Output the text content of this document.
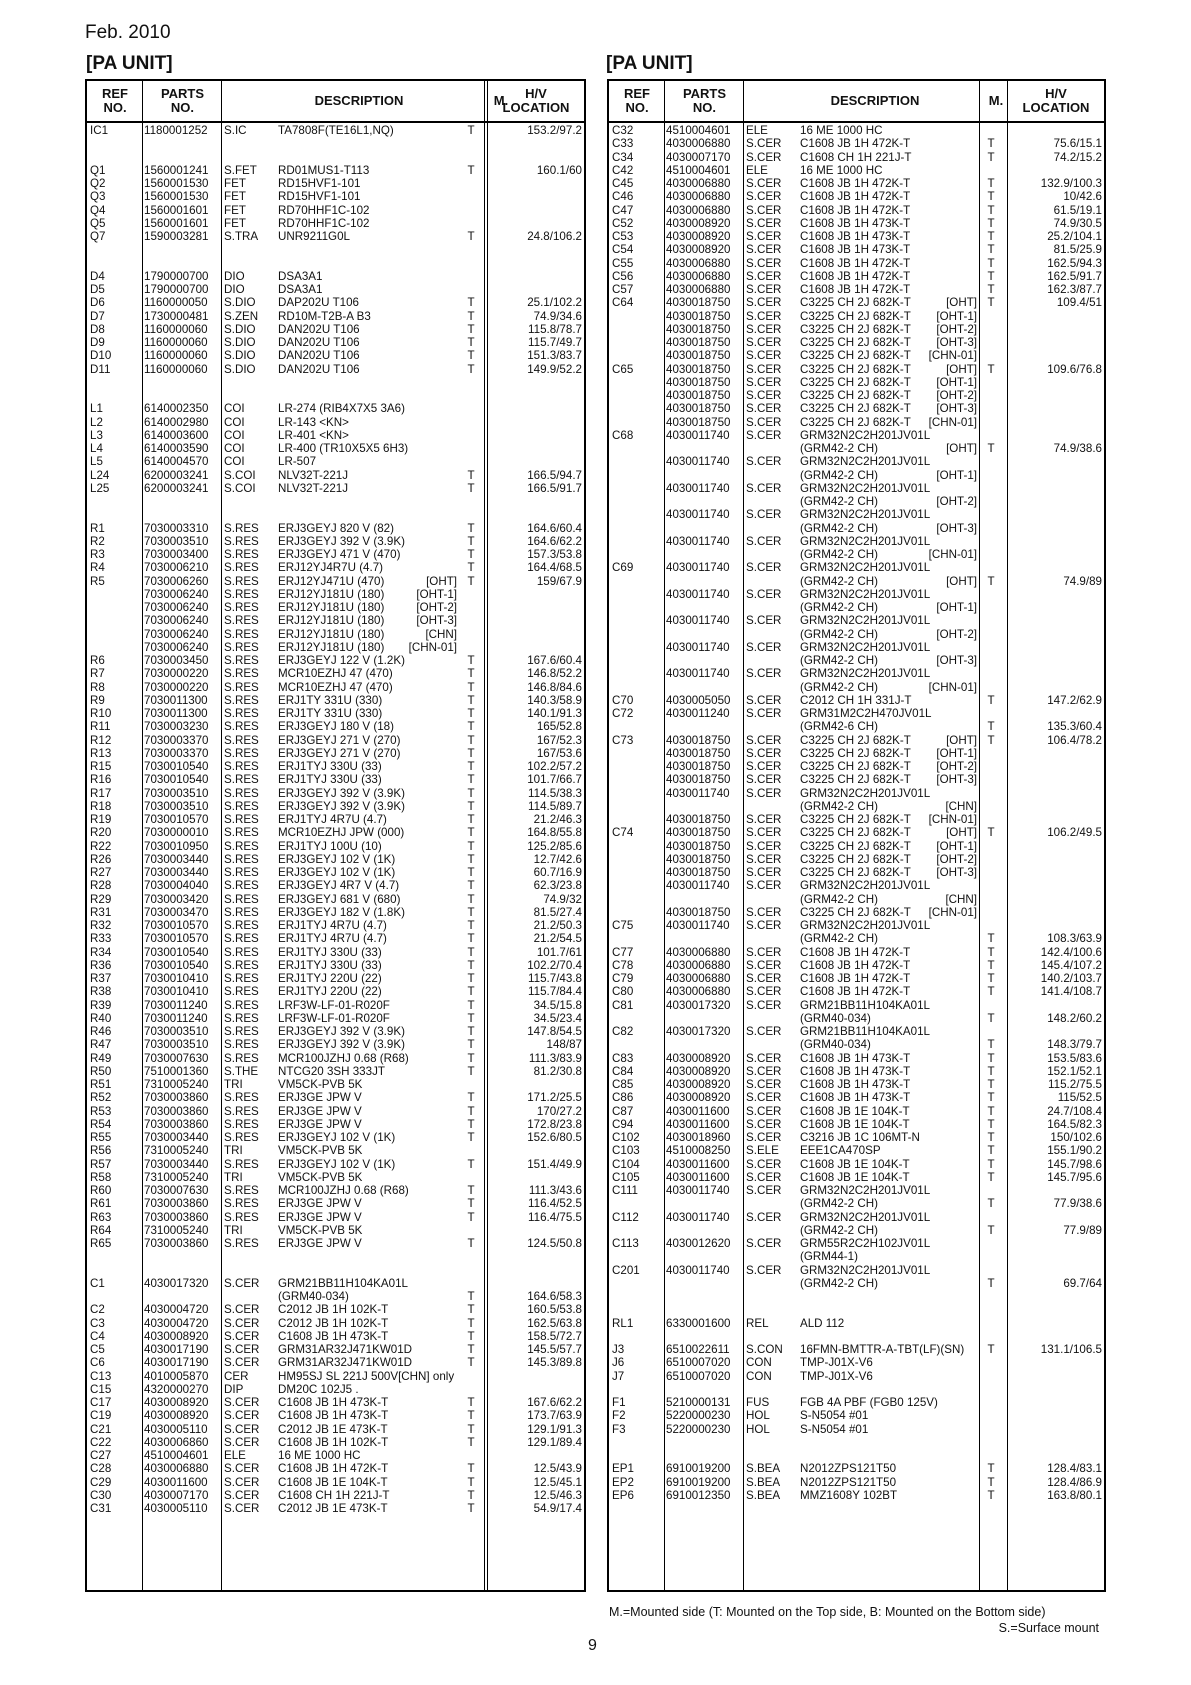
Feb. 2010
[PA UNIT]	[PA UNIT]
REF
NO.
PARTS
NO.	DESCRIPTION	M.	H/V
LOCATION
IC1	1180001252 S.IC	TA7808F(TE16L1,NQ)	T	153.2/97.2
Q1	1560001241 S.FET RD01MUS1-T113	T	160.1/60
Q2	1560001530 FET	RD15HVF1-101
Q3	1560001530 FET	RD15HVF1-101
Q4	1560001601 FET	RD70HHF1C-102
Q5	1560001601 FET	RD70HHF1C-102
Q7	1590003281 S.TRA UNR9211G0L	T	24.8/106.2
D4	1790000700 DIO	DSA3A1
D5	1790000700 DIO	DSA3A1
D6	1160000050 S.DIO DAP202U T106	T	25.1/102.2
D7	1730000481 S.ZEN RD10M-T2B-A B3	T	74.9/34.6
D8	1160000060 S.DIO DAN202U T106	T	115.8/78.7
D9	1160000060 S.DIO DAN202U T106	T	115.7/49.7
D10	1160000060 S.DIO DAN202U T106	T	151.3/83.7
D11	1160000060 S.DIO DAN202U T106	T	149.9/52.2
L1	6140002350 COI	LR-274 (RIB4X7X5 3A6)
L2	6140002980 COI	LR-143 <KN>
L3	6140003600 COI	LR-401 <KN>
L4	6140003590 COI	LR-400 (TR10X5X5 6H3)
L5	6140004570 COI	LR-507
L24	6200003241 S.COI NLV32T-221J	T	166.5/94.7
L25	6200003241 S.COI NLV32T-221J	T	166.5/91.7
R1	7030003310 S.RES ERJ3GEYJ 820 V (82)	T	164.6/60.4
R2	7030003510 S.RES ERJ3GEYJ 392 V (3.9K)	T	164.6/62.2
R3	7030003400 S.RES ERJ3GEYJ 471 V (470)	T	157.3/53.8
R4	7030006210 S.RES ERJ12YJ4R7U (4.7)	T	164.4/68.5
R5	7030006260 S.RES ERJ12YJ471U (470)	[OHT] T	159/67.9
7030006240 S.RES ERJ12YJ181U (180)	[OHT-1]
7030006240 S.RES ERJ12YJ181U (180)	[OHT-2]
7030006240 S.RES ERJ12YJ181U (180)	[OHT-3]
7030006240 S.RES ERJ12YJ181U (180)	[CHN]
7030006240 S.RES ERJ12YJ181U (180) [CHN-01]
R6	7030003450 S.RES ERJ3GEYJ 122 V (1.2K)	T	167.6/60.4
R7	7030000220 S.RES MCR10EZHJ 47 (470)	T	146.8/52.2
R8	7030000220 S.RES MCR10EZHJ 47 (470)	T	146.8/84.6
R9	7030011300 S.RES ERJ1TY 331U (330)	T	140.3/58.9
R10	7030011300 S.RES ERJ1TY 331U (330)	T	140.1/91.3
R11	7030003230 S.RES ERJ3GEYJ 180 V (18)	T	165/52.8
R12	7030003370 S.RES ERJ3GEYJ 271 V (270)	T	167/52.3
R13	7030003370 S.RES ERJ3GEYJ 271 V (270)	T	167/53.6
R15	7030010540 S.RES ERJ1TYJ 330U (33)	T	102.2/57.2
R16	7030010540 S.RES ERJ1TYJ 330U (33)	T	101.7/66.7
R17	7030003510 S.RES ERJ3GEYJ 392 V (3.9K)	T	114.5/38.3
R18	7030003510 S.RES ERJ3GEYJ 392 V (3.9K)	T	114.5/89.7
R19	7030010570 S.RES ERJ1TYJ 4R7U (4.7)	T	21.2/46.3
R20	7030000010 S.RES MCR10EZHJ JPW (000)	T	164.8/55.8
R22	7030010950 S.RES ERJ1TYJ 100U (10)	T	125.2/85.6
R26	7030003440 S.RES ERJ3GEYJ 102 V (1K)	T	12.7/42.6
R27	7030003440 S.RES ERJ3GEYJ 102 V (1K)	T	60.7/16.9
R28	7030004040 S.RES ERJ3GEYJ 4R7 V (4.7)	T	62.3/23.8
R29	7030003420 S.RES ERJ3GEYJ 681 V (680)	T	74.9/32
R31	7030003470 S.RES ERJ3GEYJ 182 V (1.8K)	T	81.5/27.4
R32	7030010570 S.RES ERJ1TYJ 4R7U (4.7)	T	21.2/50.3
R33	7030010570 S.RES ERJ1TYJ 4R7U (4.7)	T	21.2/54.5
R34	7030010540 S.RES ERJ1TYJ 330U (33)	T	101.7/61
R36	7030010540 S.RES ERJ1TYJ 330U (33)	T	102.2/70.4
R37	7030010410 S.RES ERJ1TYJ 220U (22)	T	115.7/43.8
R38	7030010410 S.RES ERJ1TYJ 220U (22)	T	115.7/84.4
R39	7030011240 S.RES LRF3W-LF-01-R020F	T	34.5/15.8
R40	7030011240 S.RES LRF3W-LF-01-R020F	T	34.5/23.4
R46	7030003510 S.RES ERJ3GEYJ 392 V (3.9K)	T	147.8/54.5
R47	7030003510 S.RES ERJ3GEYJ 392 V (3.9K)	T	148/87
R49	7030007630 S.RES MCR100JZHJ 0.68 (R68)	T	111.3/83.9
R50	7510001360 S.THE NTCG20 3SH 333JT	T	81.2/30.8
R51	7310005240 TRI	VM5CK-PVB 5K
R52	7030003860 S.RES ERJ3GE JPW V	T	171.2/25.5
R53	7030003860 S.RES ERJ3GE JPW V	T	170/27.2
R54	7030003860 S.RES ERJ3GE JPW V	T	172.8/23.8
R55	7030003440 S.RES ERJ3GEYJ 102 V (1K)	T	152.6/80.5
R56	7310005240 TRI	VM5CK-PVB 5K
R57	7030003440 S.RES ERJ3GEYJ 102 V (1K)	T	151.4/49.9
R58	7310005240 TRI	VM5CK-PVB 5K
R60	7030007630 S.RES MCR100JZHJ 0.68 (R68)	T	111.3/43.6
R61	7030003860 S.RES ERJ3GE JPW V	T	116.4/52.5
R63	7030003860 S.RES ERJ3GE JPW V	T	116.4/75.5
R64	7310005240 TRI	VM5CK-PVB 5K
R65	7030003860 S.RES ERJ3GE JPW V	T	124.5/50.8
C1	4030017320 S.CER GRM21BB11H104KA01L
(GRM40-034)	T	164.6/58.3
C2	4030004720 S.CER C2012 JB 1H 102K-T	T	160.5/53.8
C3	4030004720 S.CER C2012 JB 1H 102K-T	T	162.5/63.8
C4	4030008920 S.CER C1608 JB 1H 473K-T	T	158.5/72.7
C5	4030017190 S.CER GRM31AR32J471KW01D	T	145.5/57.7
C6	4030017190 S.CER GRM31AR32J471KW01D	T	145.3/89.8
C13	4010005870 CER	HM95SJ SL 221J 500V[CHN] only
C15	4320000270 DIP	DM20C 102J5 .
C17	4030008920 S.CER C1608 JB 1H 473K-T	T	167.6/62.2
C19	4030008920 S.CER C1608 JB 1H 473K-T	T	173.7/63.9
C21	4030005110 S.CER C2012 JB 1E 473K-T	T	129.1/91.3
C22	4030006860 S.CER C1608 JB 1H 102K-T	T	129.1/89.4
C27	4510004601 ELE	16 ME 1000 HC
C28	4030006880 S.CER C1608 JB 1H 472K-T	T	12.5/43.9
C29	4030011600 S.CER C1608 JB 1E 104K-T	T	12.5/45.1
C30	4030007170 S.CER C1608 CH 1H 221J-T	T	12.5/46.3
C31	4030005110 S.CER C2012 JB 1E 473K-T	T	54.9/17.4
REF
NO.
PARTS
NO.	DESCRIPTION	M.	H/V
LOCATION
C32	4510004601 ELE	16 ME 1000 HC
C33	4030006880 S.CER C1608 JB 1H 472K-T	T	75.6/15.1
C34	4030007170 S.CER C1608 CH 1H 221J-T	T	74.2/15.2
C42	4510004601 ELE	16 ME 1000 HC
C45	4030006880 S.CER C1608 JB 1H 472K-T	T	132.9/100.3
C46	4030006880 S.CER C1608 JB 1H 472K-T	T	10/42.6
C47	4030006880 S.CER C1608 JB 1H 472K-T	T	61.5/19.1
C52	4030008920 S.CER C1608 JB 1H 473K-T	T	74.9/30.5
C53	4030008920 S.CER C1608 JB 1H 473K-T	T	25.2/104.1
C54	4030008920 S.CER C1608 JB 1H 473K-T	T	81.5/25.9
C55	4030006880 S.CER C1608 JB 1H 472K-T	T	162.5/94.3
C56	4030006880 S.CER C1608 JB 1H 472K-T	T	162.5/91.7
C57	4030006880 S.CER C1608 JB 1H 472K-T	T	162.3/87.7
C64	4030018750 S.CER C3225 CH 2J 682K-T	[OHT] T	109.4/51
4030018750 S.CER C3225 CH 2J 682K-T [OHT-1]
4030018750 S.CER C3225 CH 2J 682K-T [OHT-2]
4030018750 S.CER C3225 CH 2J 682K-T [OHT-3]
4030018750 S.CER C3225 CH 2J 682K-T [CHN-01]
C65	4030018750 S.CER C3225 CH 2J 682K-T	[OHT] T	109.6/76.8
4030018750 S.CER C3225 CH 2J 682K-T [OHT-1]
4030018750 S.CER C3225 CH 2J 682K-T [OHT-2]
4030018750 S.CER C3225 CH 2J 682K-T [OHT-3]
4030018750 S.CER C3225 CH 2J 682K-T [CHN-01]
C68	4030011740 S.CER GRM32N2C2H201JV01L
(GRM42-2 CH)	[OHT] T	74.9/38.6
4030011740 S.CER GRM32N2C2H201JV01L
(GRM42-2 CH)	[OHT-1]
4030011740 S.CER GRM32N2C2H201JV01L
(GRM42-2 CH)	[OHT-2]
4030011740 S.CER GRM32N2C2H201JV01L
(GRM42-2 CH)	[OHT-3]
4030011740 S.CER GRM32N2C2H201JV01L
(GRM42-2 CH)	[CHN-01]
C69	4030011740 S.CER GRM32N2C2H201JV01L
(GRM42-2 CH)	[OHT] T	74.9/89
4030011740 S.CER GRM32N2C2H201JV01L
(GRM42-2 CH)	[OHT-1]
4030011740 S.CER GRM32N2C2H201JV01L
(GRM42-2 CH)	[OHT-2]
4030011740 S.CER GRM32N2C2H201JV01L
(GRM42-2 CH)	[OHT-3]
4030011740 S.CER GRM32N2C2H201JV01L
(GRM42-2 CH)	[CHN-01]
C70	4030005050 S.CER C2012 CH 1H 331J-T	T	147.2/62.9
C72	4030011240 S.CER GRM31M2C2H470JV01L
(GRM42-6 CH)	T	135.3/60.4
C73	4030018750 S.CER C3225 CH 2J 682K-T	[OHT] T	106.4/78.2
4030018750 S.CER C3225 CH 2J 682K-T [OHT-1]
4030018750 S.CER C3225 CH 2J 682K-T [OHT-2]
4030018750 S.CER C3225 CH 2J 682K-T [OHT-3]
4030011740 S.CER GRM32N2C2H201JV01L
(GRM42-2 CH)	[CHN]
4030018750 S.CER C3225 CH 2J 682K-T [CHN-01]
C74	4030018750 S.CER C3225 CH 2J 682K-T	[OHT] T	106.2/49.5
4030018750 S.CER C3225 CH 2J 682K-T [OHT-1]
4030018750 S.CER C3225 CH 2J 682K-T [OHT-2]
4030018750 S.CER C3225 CH 2J 682K-T [OHT-3]
4030011740 S.CER GRM32N2C2H201JV01L
(GRM42-2 CH)	[CHN]
4030018750 S.CER C3225 CH 2J 682K-T [CHN-01]
C75	4030011740 S.CER GRM32N2C2H201JV01L
(GRM42-2 CH)	T	108.3/63.9
C77	4030006880 S.CER C1608 JB 1H 472K-T	T	142.4/100.6
C78	4030006880 S.CER C1608 JB 1H 472K-T	T	145.4/107.2
C79	4030006880 S.CER C1608 JB 1H 472K-T	T	140.2/103.7
C80	4030006880 S.CER C1608 JB 1H 472K-T	T	141.4/108.7
C81	4030017320 S.CER GRM21BB11H104KA01L
(GRM40-034)	T	148.2/60.2
C82	4030017320 S.CER GRM21BB11H104KA01L
(GRM40-034)	T	148.3/79.7
C83	4030008920 S.CER C1608 JB 1H 473K-T	T	153.5/83.6
C84	4030008920 S.CER C1608 JB 1H 473K-T	T	152.1/52.1
C85	4030008920 S.CER C1608 JB 1H 473K-T	T	115.2/75.5
C86	4030008920 S.CER C1608 JB 1H 473K-T	T	115/52.5
C87	4030011600 S.CER C1608 JB 1E 104K-T	T	24.7/108.4
C94	4030011600 S.CER C1608 JB 1E 104K-T	T	164.5/82.3
C102 4030018960 S.CER C3216 JB 1C 106MT-N	T	150/102.6
C103 4510008250 S.ELE EEE1CA470SP	T	155.1/90.2
C104 4030011600 S.CER C1608 JB 1E 104K-T	T	145.7/98.6
C105 4030011600 S.CER C1608 JB 1E 104K-T	T	145.7/95.6
C111 4030011740 S.CER GRM32N2C2H201JV01L
(GRM42-2 CH)	T	77.9/38.6
C112 4030011740 S.CER GRM32N2C2H201JV01L
(GRM42-2 CH)	T	77.9/89
C113 4030012620 S.CER GRM55R2C2H102JV01L
(GRM44-1)
C201 4030011740 S.CER GRM32N2C2H201JV01L
(GRM42-2 CH)	T	69.7/64
RL1	6330001600 REL	ALD 112
J3	6510022611 S.CON 16FMN-BMTTR-A-TBT(LF)(SN)	T	131.1/106.5
J6	6510007020 CON TMP-J01X-V6
J7	6510007020 CON TMP-J01X-V6
F1	5210000131 FUS	FGB 4A PBF (FGB0 125V)
F2	5220000230 HOL	S-N5054 #01
F3	5220000230 HOL	S-N5054 #01
EP1	6910019200 S.BEA N2012ZPS121T50	T	128.4/83.1
EP2	6910019200 S.BEA N2012ZPS121T50	T	128.4/86.9
EP6	6910012350 S.BEA MMZ1608Y 102BT	T	163.8/80.1
M.=Mounted side (T: Mounted on the Top side, B: Mounted on the Bottom side)
S.=Surface mount
9
